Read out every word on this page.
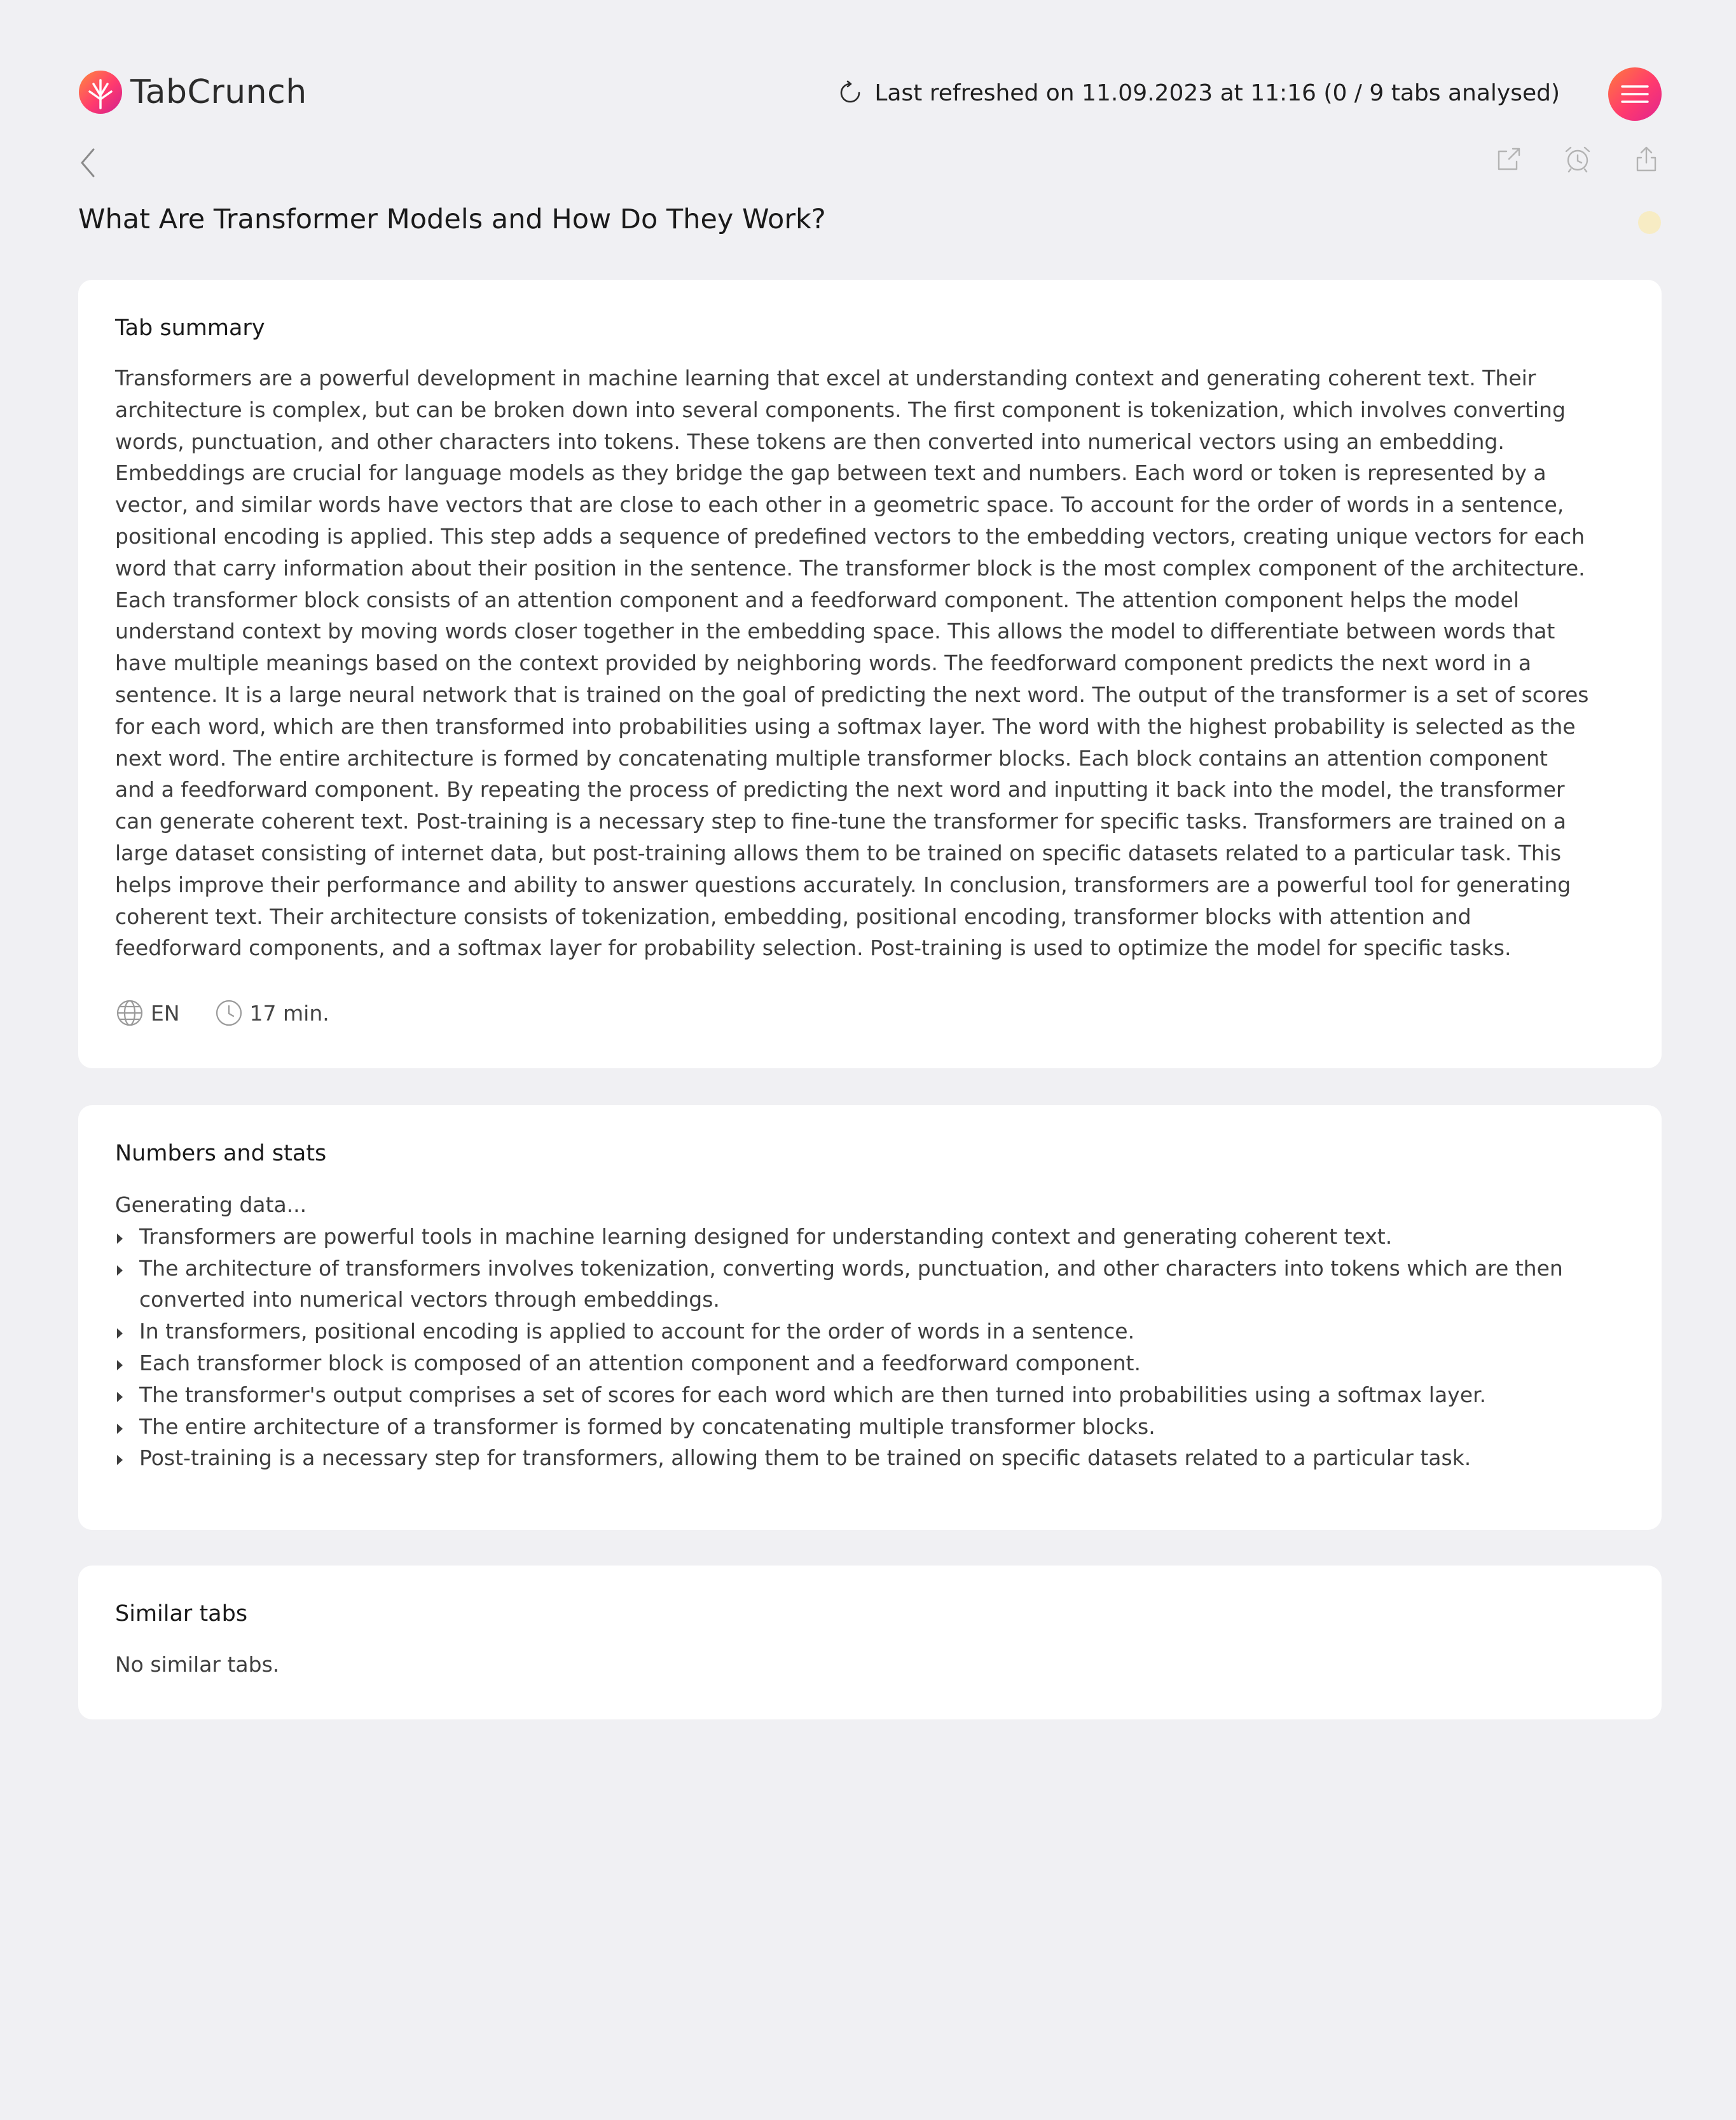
TabCrunch	Last refreshed on 11.09.2023 at 11:16 (0 / 9 tabs analysed)
What Are Transformer Models and How Do They Work?
Tab summary
Transformers are a powerful development in machine learning that excel at understanding context and generating coherent text. Their
architecture is complex, but can be broken down into several components. The first component is tokenization, which involves converting
words, punctuation, and other characters into tokens. These tokens are then converted into numerical vectors using an embedding.
Embeddings are crucial for language models as they bridge the gap between text and numbers. Each word or token is represented by a
vector, and similar words have vectors that are close to each other in a geometric space. To account for the order of words in a sentence,
positional encoding is applied. This step adds a sequence of predefined vectors to the embedding vectors, creating unique vectors for each
word that carry information about their position in the sentence. The transformer block is the most complex component of the architecture.
Each transformer block consists of an attention component and a feedforward component. The attention component helps the model
understand context by moving words closer together in the embedding space. This allows the model to differentiate between words that
have multiple meanings based on the context provided by neighboring words. The feedforward component predicts the next word in a
sentence. It is a large neural network that is trained on the goal of predicting the next word. The output of the transformer is a set of scores
for each word, which are then transformed into probabilities using a softmax layer. The word with the highest probability is selected as the
next word. The entire architecture is formed by concatenating multiple transformer blocks. Each block contains an attention component
and a feedforward component. By repeating the process of predicting the next word and inputting it back into the model, the transformer
can generate coherent text. Post-training is a necessary step to fine-tune the transformer for specific tasks. Transformers are trained on a
large dataset consisting of internet data, but post-training allows them to be trained on specific datasets related to a particular task. This
helps improve their performance and ability to answer questions accurately. In conclusion, transformers are a powerful tool for generating
coherent text. Their architecture consists of tokenization, embedding, positional encoding, transformer blocks with attention and
feedforward components, and a softmax layer for probability selection. Post-training is used to optimize the model for specific tasks.
EN	17 min.
Numbers and stats
Generating data...
Transformers are powerful tools in machine learning designed for understanding context and generating coherent text.
The architecture of transformers involves tokenization, converting words, punctuation, and other characters into tokens which are then converted into numerical vectors through embeddings.
In transformers, positional encoding is applied to account for the order of words in a sentence.
Each transformer block is composed of an attention component and a feedforward component.
The transformer's output comprises a set of scores for each word which are then turned into probabilities using a softmax layer.
The entire architecture of a transformer is formed by concatenating multiple transformer blocks.
Post-training is a necessary step for transformers, allowing them to be trained on specific datasets related to a particular task.
Similar tabs

No similar tabs.
